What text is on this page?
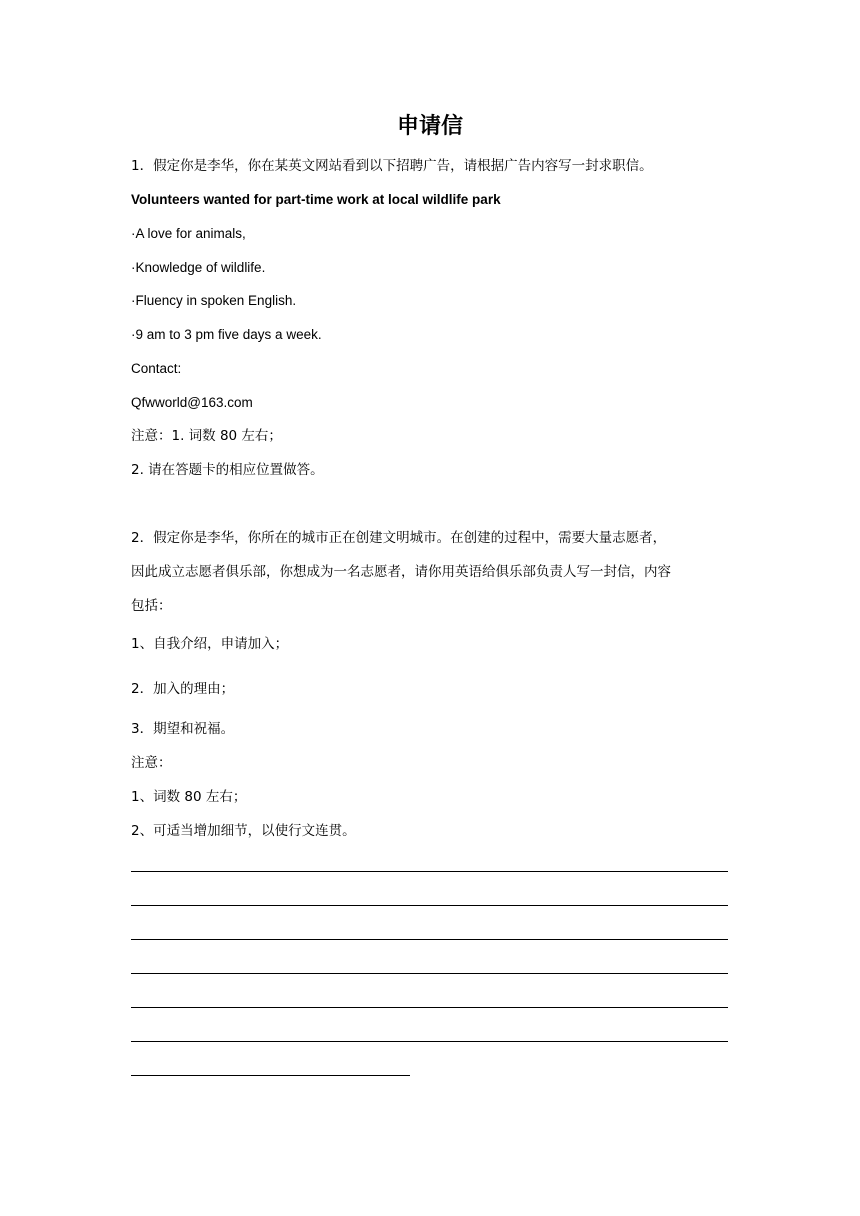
申请信
1．假定你是李华，你在某英文网站看到以下招聘广告，请根据广告内容写一封求职信。
Volunteers wanted for part-time work at local wildlife park
·A love for animals,
·Knowledge of wildlife.
·Fluency in spoken English.
·9 am to 3 pm five days a week.
Contact:
Qfwworld@163.com
注意：1. 词数 80 左右；
2. 请在答题卡的相应位置做答。
2．假定你是李华，你所在的城市正在创建文明城市。在创建的过程中，需要大量志愿者，
因此成立志愿者俱乐部，你想成为一名志愿者，请你用英语给俱乐部负责人写一封信，内容
包括：
1、自我介绍，申请加入；
2．加入的理由；
3．期望和祝福。
注意：
1、词数 80 左右；
2、可适当增加细节，以使行文连贯。
